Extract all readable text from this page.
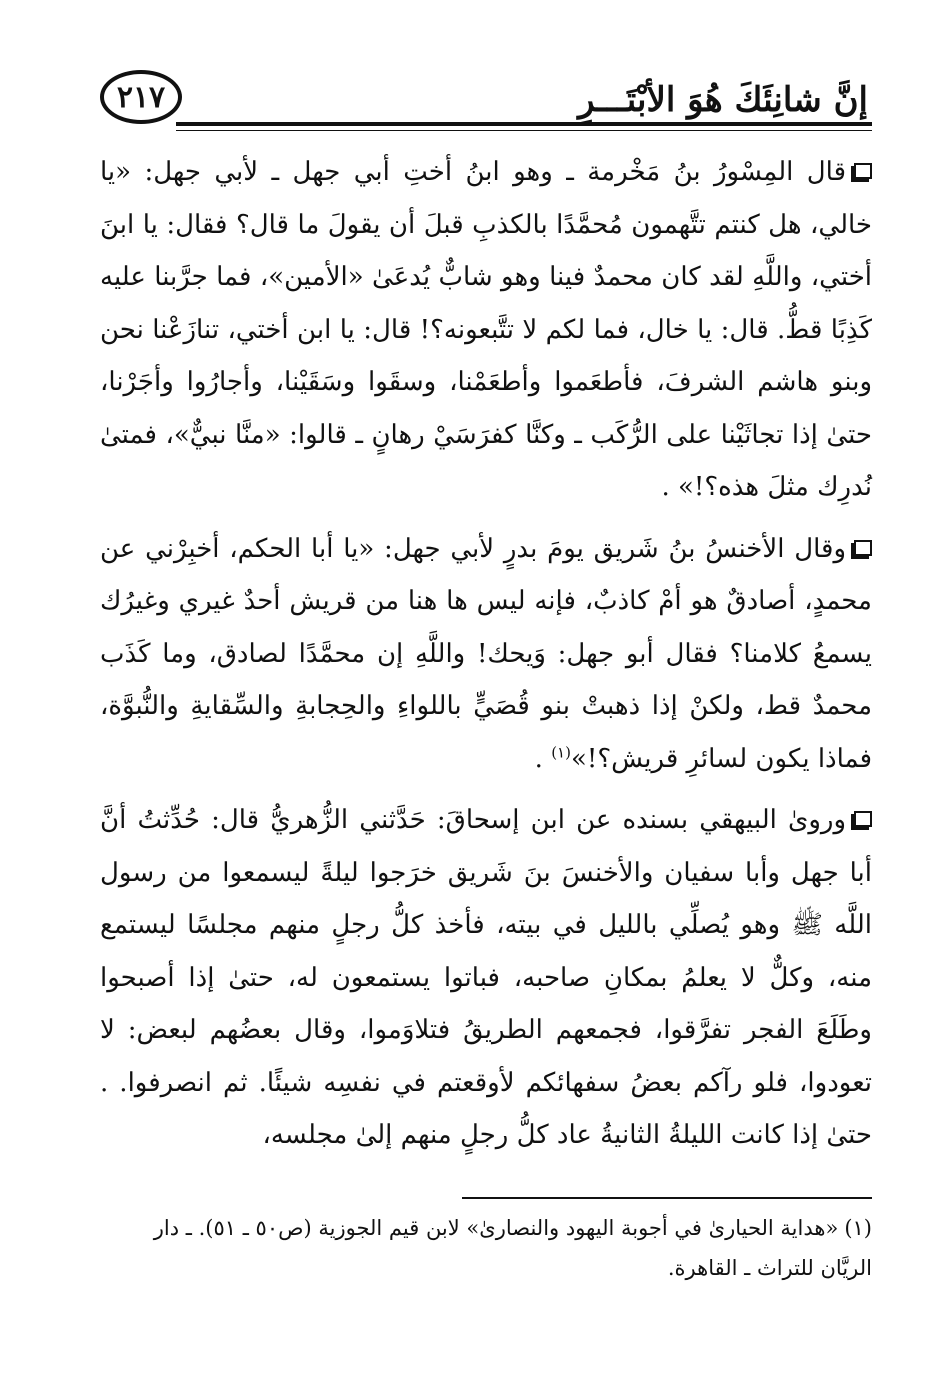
إنَّ شانِئَكَ هُوَ الأبْتَـــرِ
٢١٧

قال المِسْورُ بنُ مَخْرمة ـ وهو ابنُ أختِ أبي جهل ـ لأبي جهل: «يا خالي، هل كنتم تتَّهمون مُحمَّدًا بالكذبِ قبلَ أن يقولَ ما قال؟ فقال: يا ابنَ أختي، واللَّهِ لقد كان محمدٌ فينا وهو شابٌّ يُدعَىٰ «الأمين»، فما جرَّبنا عليه كَذِبًا قطُّ. قال: يا خال، فما لكم لا تتَّبعونه؟! قال: يا ابن أختي، تنازَعْنا نحن وبنو هاشم الشرفَ، فأطعَموا وأطعَمْنا، وسقَوا وسَقَيْنا، وأجارُوا وأجَرْنا، حتىٰ إذا تجاثَيْنا على الرُّكَب ـ وكنَّا كفرَسَيْ رهانٍ ـ قالوا: «منَّا نبيٌّ»، فمتىٰ نُدرِك مثلَ هذه؟!» .

وقال الأخنسُ بنُ شَريق يومَ بدرٍ لأبي جهل: «يا أبا الحكم، أخبِرْني عن محمدٍ، أصادقٌ هو أمْ كاذبٌ، فإنه ليس ها هنا من قريش أحدٌ غيري وغيرُك يسمعُ كلامنا؟ فقال أبو جهل: وَيحك! واللَّهِ إن محمَّدًا لصادق، وما كَذَب محمدٌ قط، ولكنْ إذا ذهبتْ بنو قُصَيٍّ باللواءِ والحِجابةِ والسِّقايةِ والنُّبوَّة، فماذا يكون لسائرِ قريش؟!»$^{(١)}$ .

وروىٰ البيهقي بسنده عن ابن إسحاقَ: حَدَّثني الزُّهريُّ قال: حُدِّثتُ أنَّ أبا جهل وأبا سفيان والأخنسَ بنَ شَريق خرَجوا ليلةً ليسمعوا من رسول اللَّه ﷺ وهو يُصلِّي بالليل في بيته، فأخذ كلُّ رجلٍ منهم مجلسًا ليستمع منه، وكلٌّ لا يعلمُ بمكانِ صاحبه، فباتوا يستمعون له، حتىٰ إذا أصبحوا وطَلَعَ الفجر تفرَّقوا، فجمعهم الطريقُ فتلاوَموا، وقال بعضُهم لبعض: لا تعودوا، فلو رآكم بعضُ سفهائكم لأوقعتم في نفسِه شيئًا. ثم انصرفوا. . حتىٰ إذا كانت الليلةُ الثانيةُ عاد كلُّ رجلٍ منهم إلىٰ مجلسه،

(١)«هداية الحيارىٰ في أجوبة اليهود والنصارىٰ» لابن قيم الجوزية (ص٥٠ ـ ٥١). ـ دار الريَّان للتراث ـ القاهرة.
